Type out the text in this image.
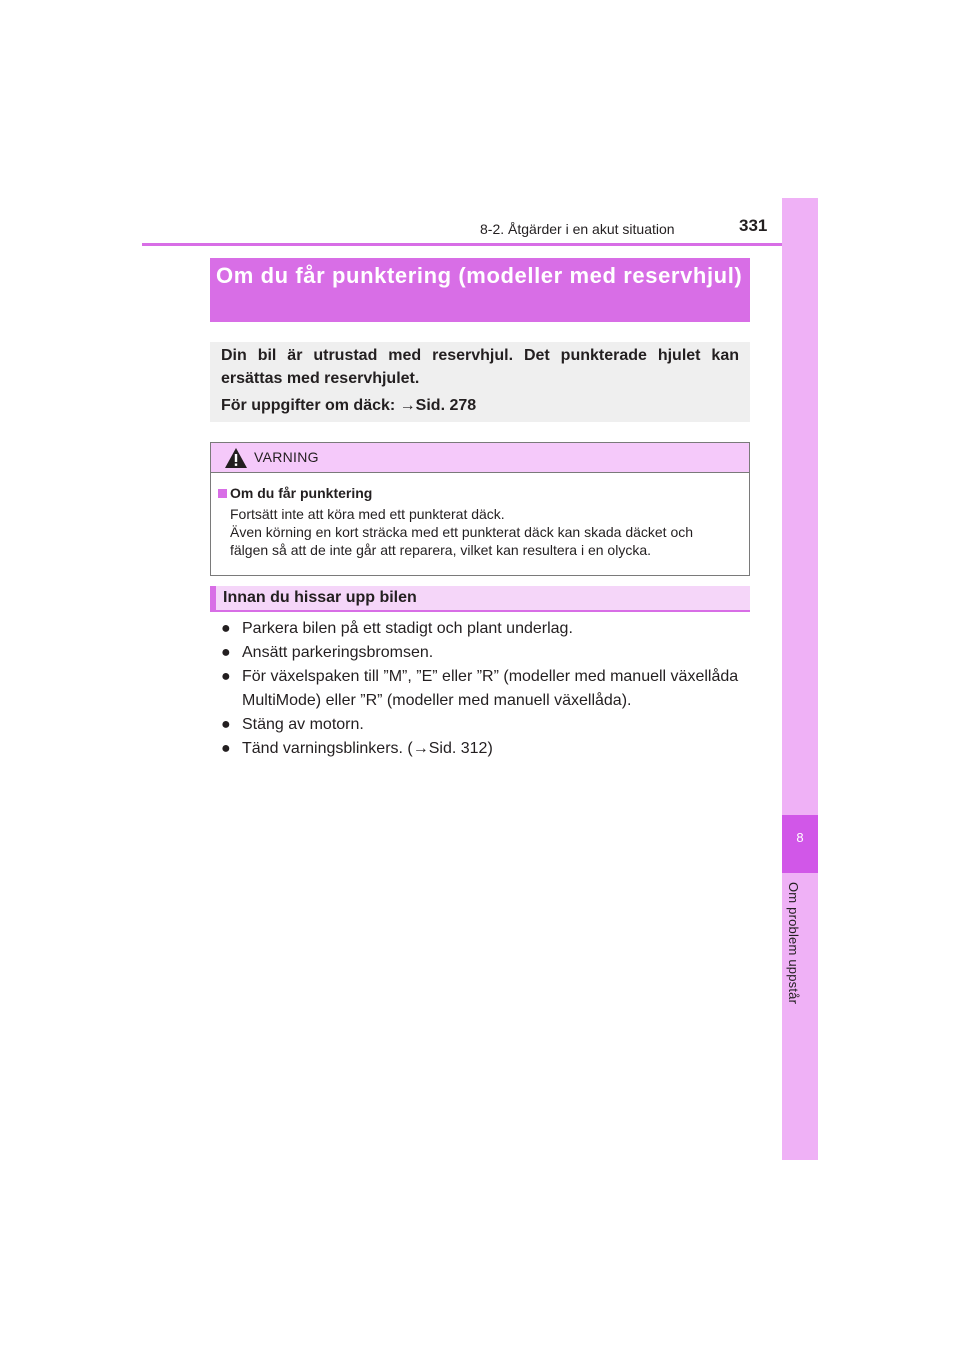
8-2. Åtgärder i en akut situation	331
8
Om problem uppstår
Om du får punktering (modeller med reservhjul)

Din bil är utrustad med reservhjul. Det punkterade hjulet kan ersättas med reservhjulet.

För uppgifter om däck: →Sid. 278

VARNING
Om du får punktering
Fortsätt inte att köra med ett punkterat däck.
Även körning en kort sträcka med ett punkterat däck kan skada däcket och
fälgen så att de inte går att reparera, vilket kan resultera i en olycka.
Innan du hissar upp bilen
● Parkera bilen på ett stadigt och plant underlag.
● Ansätt parkeringsbromsen.
● För växelspaken till ”M”, ”E” eller ”R” (modeller med manuell växellåda MultiMode) eller ”R” (modeller med manuell växellåda).
● Stäng av motorn.
● Tänd varningsblinkers. (→Sid. 312)
